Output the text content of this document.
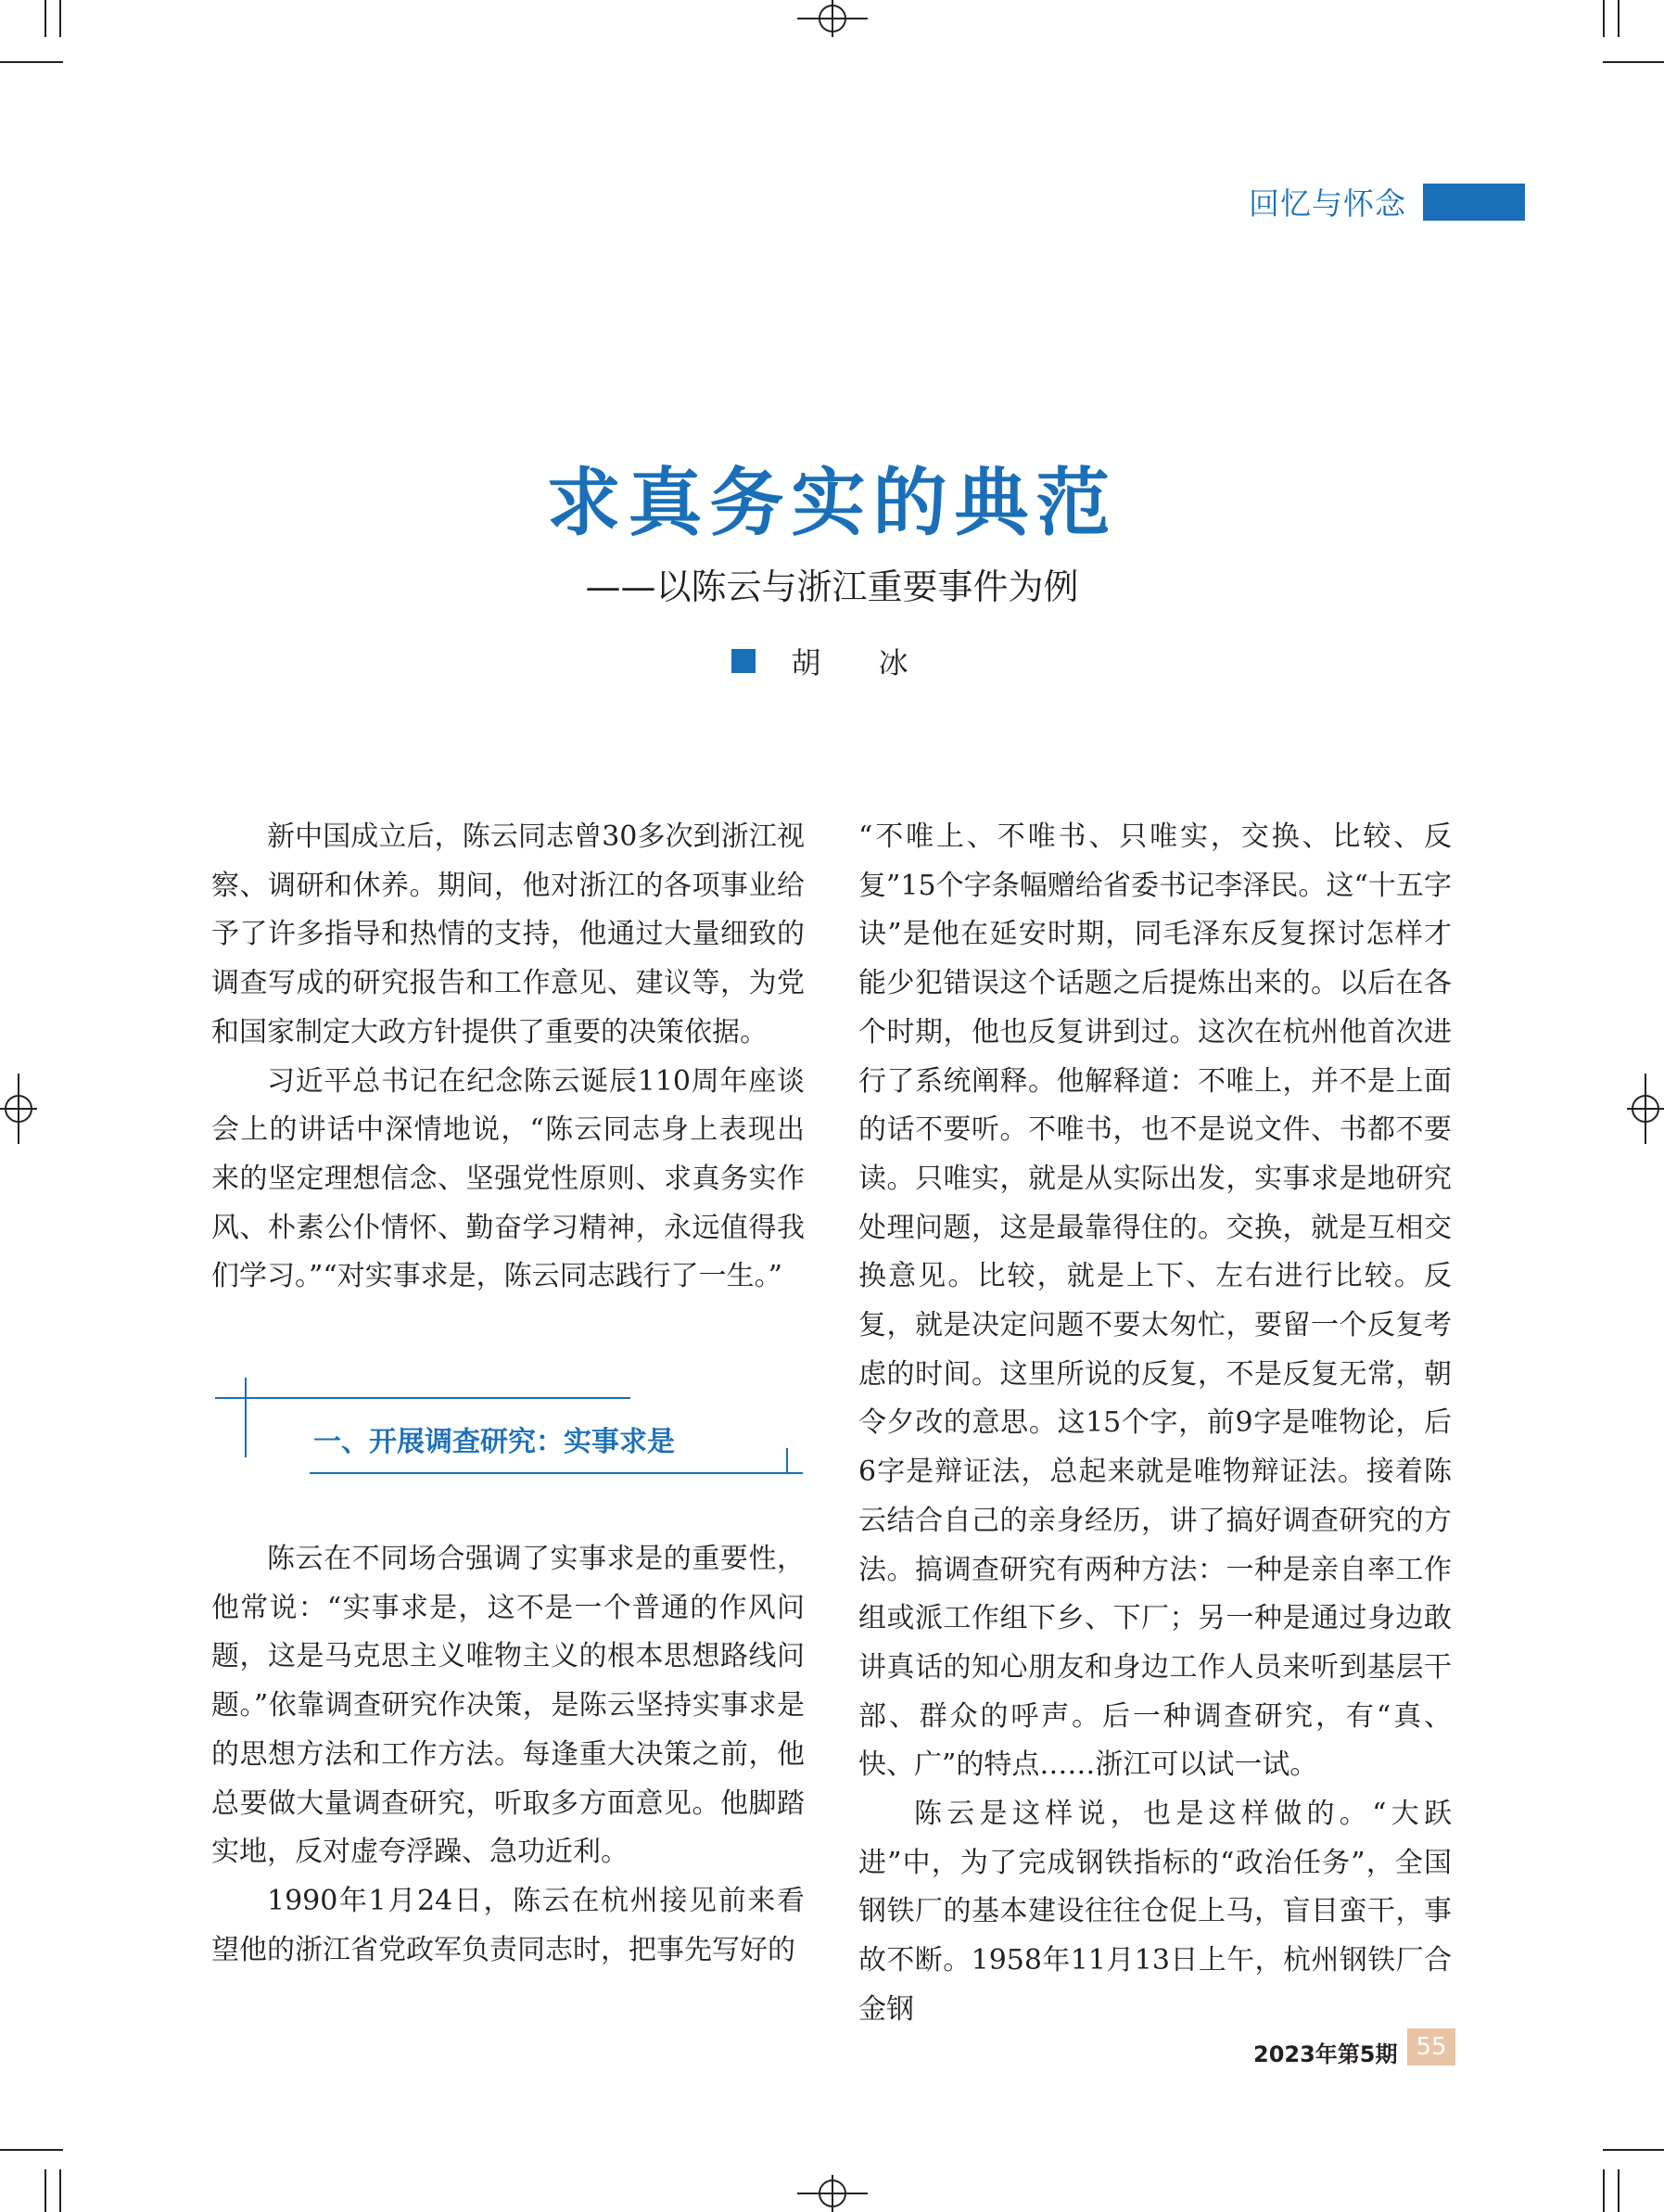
回忆与怀念
求真务实的典范
——以陈云与浙江重要事件为例
胡 冰

新中国成立后，陈云同志曾30多次到浙江视察、调研和休养。期间，他对浙江的各项事业给予了许多指导和热情的支持，他通过大量细致的调查写成的研究报告和工作意见、建议等，为党和国家制定大政方针提供了重要的决策依据。

习近平总书记在纪念陈云诞辰110周年座谈会上的讲话中深情地说，“陈云同志身上表现出来的坚定理想信念、坚强党性原则、求真务实作风、朴素公仆情怀、勤奋学习精神，永远值得我们学习。”“对实事求是，陈云同志践行了一生。”

一、开展调查研究：实事求是

陈云在不同场合强调了实事求是的重要性，他常说：“实事求是，这不是一个普通的作风问题，这是马克思主义唯物主义的根本思想路线问题。”依靠调查研究作决策，是陈云坚持实事求是的思想方法和工作方法。每逢重大决策之前，他总要做大量调查研究，听取多方面意见。他脚踏实地，反对虚夸浮躁、急功近利。

1990年1月24日，陈云在杭州接见前来看望他的浙江省党政军负责同志时，把事先写好的

“不唯上、不唯书、只唯实，交换、比较、反复”15个字条幅赠给省委书记李泽民。这“十五字诀”是他在延安时期，同毛泽东反复探讨怎样才能少犯错误这个话题之后提炼出来的。以后在各个时期，他也反复讲到过。这次在杭州他首次进行了系统阐释。他解释道：不唯上，并不是上面的话不要听。不唯书，也不是说文件、书都不要读。只唯实，就是从实际出发，实事求是地研究处理问题，这是最靠得住的。交换，就是互相交换意见。比较，就是上下、左右进行比较。反复，就是决定问题不要太匆忙，要留一个反复考虑的时间。这里所说的反复，不是反复无常，朝令夕改的意思。这15个字，前9字是唯物论，后6字是辩证法，总起来就是唯物辩证法。接着陈云结合自己的亲身经历，讲了搞好调查研究的方法。搞调查研究有两种方法：一种是亲自率工作组或派工作组下乡、下厂；另一种是通过身边敢讲真话的知心朋友和身边工作人员来听到基层干部、群众的呼声。后一种调查研究，有“真、快、广”的特点……浙江可以试一试。

陈云是这样说，也是这样做的。“大跃进”中，为了完成钢铁指标的“政治任务”，全国钢铁厂的基本建设往往仓促上马，盲目蛮干，事故不断。1958年11月13日上午，杭州钢铁厂合金钢

2023年第5期 55
